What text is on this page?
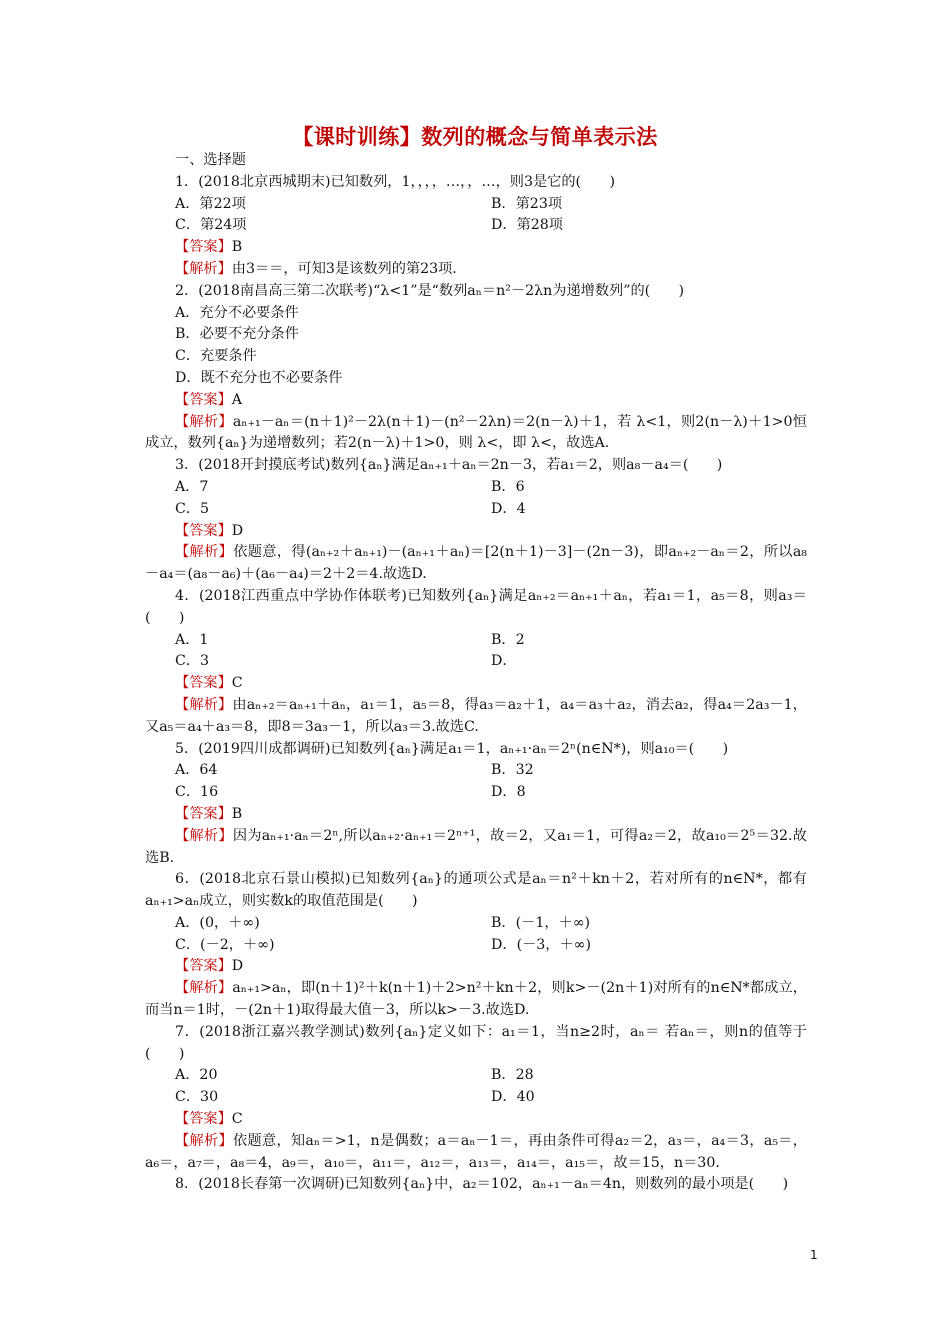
【课时训练】数列的概念与简单表示法
一、选择题
1．(2018北京西城期末)已知数列，1，，，，…，，…，则3是它的(　　)
A．第22项	B．第23项
C．第24项	D．第28项
【答案】B
【解析】由3＝＝，可知3是该数列的第23项．
2．(2018南昌高三第二次联考)“λ<1”是“数列aₙ＝n²－2λn为递增数列”的(　　)
A．充分不必要条件
B．必要不充分条件
C．充要条件
D．既不充分也不必要条件
【答案】A
【解析】aₙ₊₁－aₙ＝(n＋1)²－2λ(n＋1)－(n²－2λn)＝2(n－λ)＋1，若 λ<1，则2(n－λ)＋1>0恒成立，数列{aₙ}为递增数列；若2(n－λ)＋1>0，则 λ<，即 λ<，故选A.
3．(2018开封摸底考试)数列{aₙ}满足aₙ₊₁＋aₙ＝2n－3，若a₁＝2，则a₈－a₄＝(　　)
A．7	B．6
C．5	D．4
【答案】D
【解析】依题意，得(aₙ₊₂＋aₙ₊₁)－(aₙ₊₁＋aₙ)＝[2(n＋1)－3]－(2n－3)，即aₙ₊₂－aₙ＝2，所以a₈－a₄＝(a₈－a₆)＋(a₆－a₄)＝2＋2＝4.故选D.
4．(2018江西重点中学协作体联考)已知数列{aₙ}满足aₙ₊₂＝aₙ₊₁＋aₙ，若a₁＝1，a₅＝8，则a₃＝(　　)
A．1	B．2
C．3	D．
【答案】C
【解析】由aₙ₊₂＝aₙ₊₁＋aₙ，a₁＝1，a₅＝8，得a₃＝a₂＋1，a₄＝a₃＋a₂，消去a₂，得a₄＝2a₃－1，又a₅＝a₄＋a₃＝8，即8＝3a₃－1，所以a₃＝3.故选C.
5．(2019四川成都调研)已知数列{aₙ}满足a₁＝1，aₙ₊₁·aₙ＝2ⁿ(n∈N*)，则a₁₀＝(　　)
A．64	B．32
C．16	D．8
【答案】B
【解析】因为aₙ₊₁·aₙ＝2ⁿ,所以aₙ₊₂·aₙ₊₁＝2ⁿ⁺¹，故＝2，又a₁＝1，可得a₂＝2，故a₁₀＝2⁵＝32.故选B.
6．(2018北京石景山模拟)已知数列{aₙ}的通项公式是aₙ＝n²＋kn＋2，若对所有的n∈N*，都有aₙ₊₁>aₙ成立，则实数k的取值范围是(　　)
A．(0，＋∞)	B．(－1，＋∞)
C．(－2，＋∞)	D．(－3，＋∞)
【答案】D
【解析】aₙ₊₁>aₙ，即(n＋1)²＋k(n＋1)＋2>n²＋kn＋2，则k>－(2n＋1)对所有的n∈N*都成立，而当n＝1时，－(2n＋1)取得最大值－3，所以k>－3.故选D.
7．(2018浙江嘉兴教学测试)数列{aₙ}定义如下：a₁＝1，当n≥2时，aₙ＝ 若aₙ＝，则n的值等于(　　)
A．20	B．28
C．30	D．40
【答案】C
【解析】依题意，知aₙ＝>1，n是偶数；a＝aₙ－1＝，再由条件可得a₂＝2，a₃＝，a₄＝3，a₅＝，a₆＝，a₇＝，a₈＝4，a₉＝，a₁₀＝，a₁₁＝，a₁₂＝，a₁₃＝，a₁₄＝，a₁₅＝，故＝15，n＝30.
8．(2018长春第一次调研)已知数列{aₙ}中，a₂＝102，aₙ₊₁－aₙ＝4n，则数列的最小项是(　　)
1
